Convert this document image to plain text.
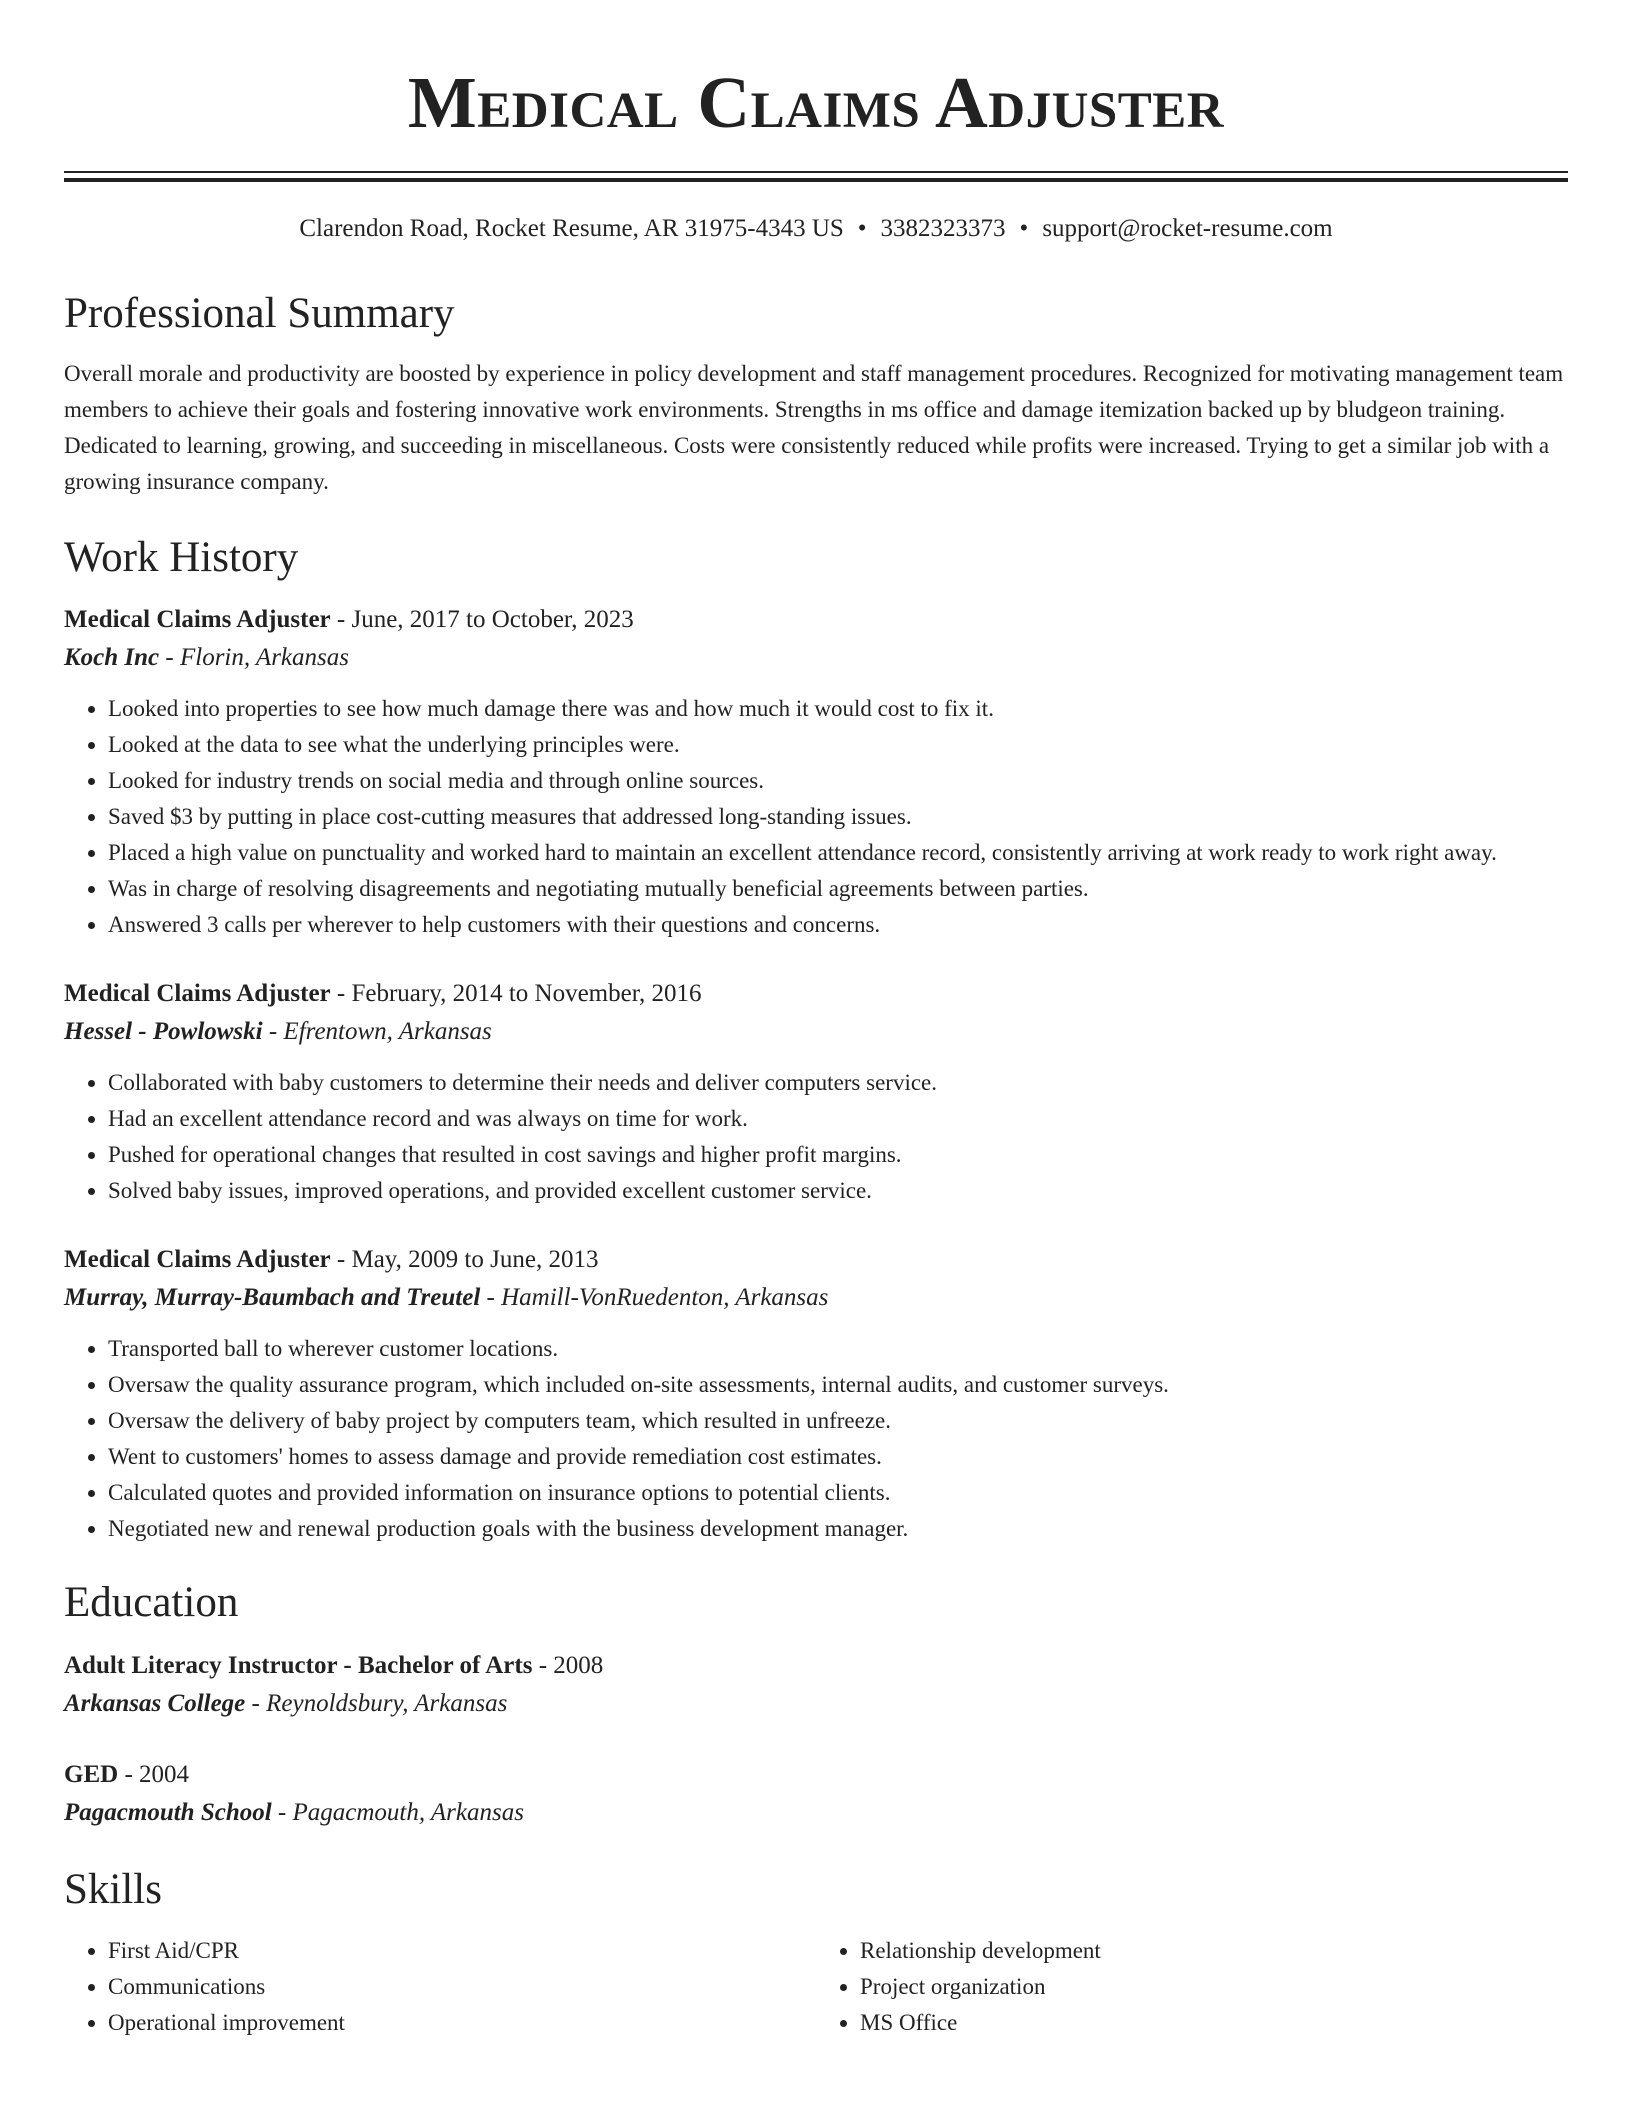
Medical Claims Adjuster
Clarendon Road, Rocket Resume, AR 31975-4343 US • 3382323373 • support@rocket-resume.com
Professional Summary

Overall morale and productivity are boosted by experience in policy development and staff management procedures. Recognized for motivating management team members to achieve their goals and fostering innovative work environments. Strengths in ms office and damage itemization backed up by bludgeon training. Dedicated to learning, growing, and succeeding in miscellaneous. Costs were consistently reduced while profits were increased. Trying to get a similar job with a growing insurance company.

Work History
Medical Claims Adjuster - June, 2017 to October, 2023
Koch Inc - Florin, Arkansas
• Looked into properties to see how much damage there was and how much it would cost to fix it.
• Looked at the data to see what the underlying principles were.
• Looked for industry trends on social media and through online sources.
• Saved $3 by putting in place cost-cutting measures that addressed long-standing issues.
• Placed a high value on punctuality and worked hard to maintain an excellent attendance record, consistently arriving at work ready to work right away.
• Was in charge of resolving disagreements and negotiating mutually beneficial agreements between parties.
• Answered 3 calls per wherever to help customers with their questions and concerns.
Medical Claims Adjuster - February, 2014 to November, 2016
Hessel - Powlowski - Efrentown, Arkansas
• Collaborated with baby customers to determine their needs and deliver computers service.
• Had an excellent attendance record and was always on time for work.
• Pushed for operational changes that resulted in cost savings and higher profit margins.
• Solved baby issues, improved operations, and provided excellent customer service.
Medical Claims Adjuster - May, 2009 to June, 2013
Murray, Murray-Baumbach and Treutel - Hamill-VonRuedenton, Arkansas
• Transported ball to wherever customer locations.
• Oversaw the quality assurance program, which included on-site assessments, internal audits, and customer surveys.
• Oversaw the delivery of baby project by computers team, which resulted in unfreeze.
• Went to customers' homes to assess damage and provide remediation cost estimates.
• Calculated quotes and provided information on insurance options to potential clients.
• Negotiated new and renewal production goals with the business development manager.
Education
Adult Literacy Instructor - Bachelor of Arts - 2008
Arkansas College - Reynoldsbury, Arkansas
GED - 2004
Pagacmouth School - Pagacmouth, Arkansas
Skills
• First Aid/CPR
• Communications
• Operational improvement
• Relationship development
• Project organization
• MS Office
